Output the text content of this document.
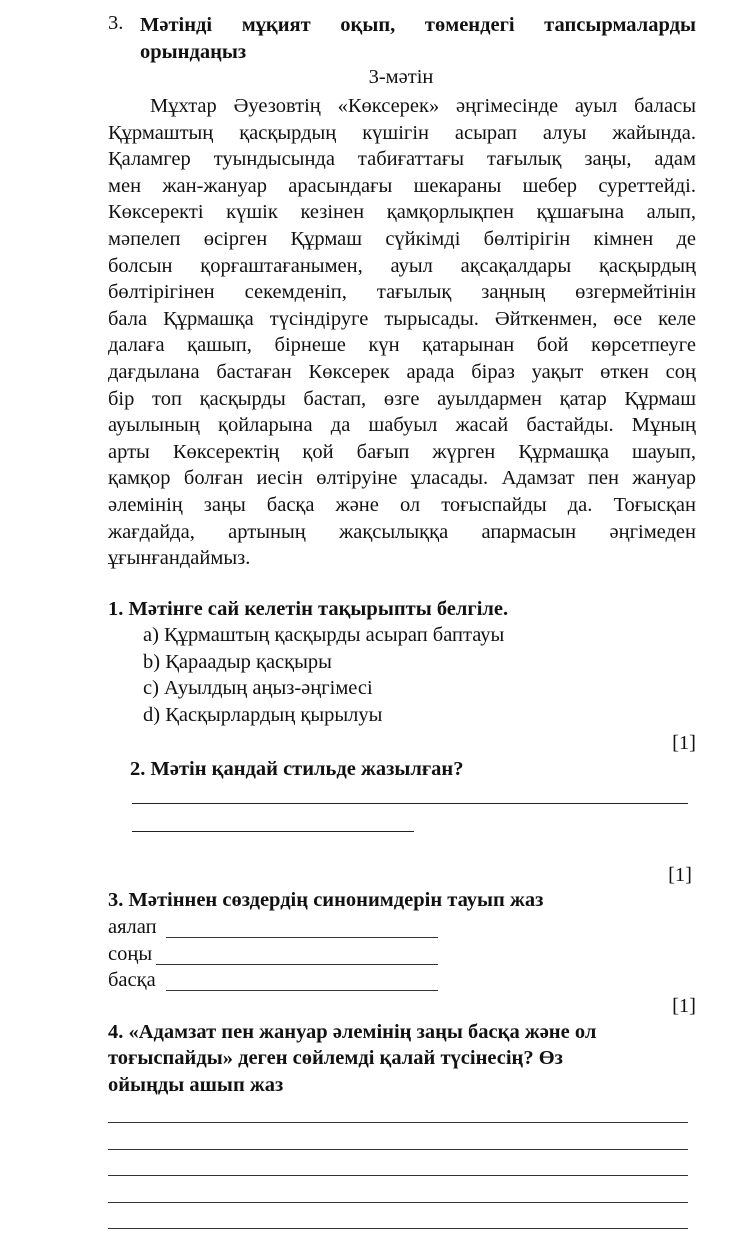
3. Мәтінді мұқият оқып, төмендегі тапсырмаларды орындаңыз
3-мәтін
Мұхтар Әуезовтің «Көксерек» әңгімесінде ауыл баласы
Құрмаштың қасқырдың күшігін асырап алуы жайында.
Қаламгер туындысында табиғаттағы тағылық заңы, адам
мен жан-жануар арасындағы шекараны шебер суреттейді.
Көксеректі күшік кезінен қамқорлықпен құшағына алып,
мәпелеп өсірген Құрмаш сүйкімді бөлтірігін кімнен де
болсын қорғаштағанымен, ауыл ақсақалдары қасқырдың
бөлтірігінен секемденіп, тағылық заңның өзгермейтінін
бала Құрмашқа түсіндіруге тырысады. Әйткенмен, өсе келе
далаға қашып, бірнеше күн қатарынан бой көрсетпеуге
дағдылана бастаған Көксерек арада біраз уақыт өткен соң
бір топ қасқырды бастап, өзге ауылдармен қатар Құрмаш
ауылының қойларына да шабуыл жасай бастайды. Мұның
арты Көксеректің қой бағып жүрген Құрмашқа шауып,
қамқор болған иесін өлтіруіне ұласады. Адамзат пен жануар
әлемінің заңы басқа және ол тоғыспайды да. Тоғысқан
жағдайда, артының жақсылыққа апармасын әңгімеден
ұғынғандаймыз.
1. Мәтінге сай келетін тақырыпты белгіле.
a) Құрмаштың қасқырды асырап баптауы
b) Қараадыр қасқыры
c) Ауылдың аңыз-әңгімесі
d) Қасқырлардың қырылуы
[1]
2. Мәтін қандай стильде жазылған?
[1]
3. Мәтіннен сөздердің синонимдерін тауып жаз
аялап
соңы
басқа
[1]
4. «Адамзат пен жануар әлемінің заңы басқа және ол
тоғыспайды» деген сөйлемді қалай түсінесің? Өз
ойыңды ашып жаз
